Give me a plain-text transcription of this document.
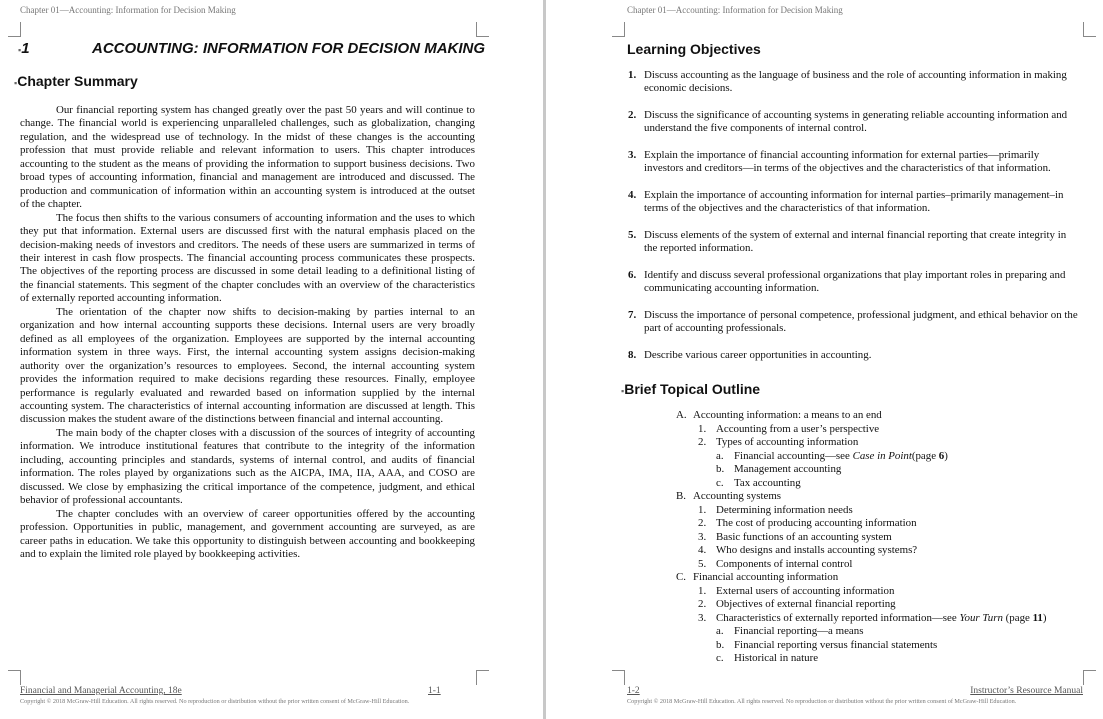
Chapter 01—Accounting: Information for Decision Making
▪1	ACCOUNTING: INFORMATION FOR DECISION MAKING
▪Chapter Summary

Our financial reporting system has changed greatly over the past 50 years and will continue to change. The financial world is experiencing unparalleled challenges, such as globalization, changing regulation, and the widespread use of technology. In the midst of these changes is the accounting profession that must provide reliable and relevant information to users. This chapter introduces accounting to the student as the means of providing the information to support business decisions. Two broad types of accounting information, financial and management are introduced and discussed. The production and communication of information within an accounting system is introduced at the outset of the chapter.

The focus then shifts to the various consumers of accounting information and the uses to which they put that information. External users are discussed first with the natural emphasis placed on the decision-making needs of investors and creditors. The needs of these users are summarized in terms of their interest in cash flow prospects. The financial accounting process communicates these prospects. The objectives of the reporting process are discussed in some detail leading to a definitional listing of the financial statements. This segment of the chapter concludes with an overview of the characteristics of externally reported accounting information.

The orientation of the chapter now shifts to decision-making by parties internal to an organization and how internal accounting supports these decisions. Internal users are very broadly defined as all employees of the organization. Employees are supported by the internal accounting information system in three ways. First, the internal accounting system assigns decision-making authority over the organization’s resources to employees. Second, the internal accounting system provides the information required to make decisions regarding these resources. Finally, employee performance is regularly evaluated and rewarded based on information supplied by the internal accounting system. The characteristics of internal accounting information are discussed at length. This discussion makes the student aware of the distinctions between financial and internal accounting.

The main body of the chapter closes with a discussion of the sources of integrity of accounting information. We introduce institutional features that contribute to the integrity of the information including, accounting principles and standards, systems of internal control, and audits of financial information. The roles played by organizations such as the AICPA, IMA, IIA, AAA, and COSO are discussed. We close by emphasizing the critical importance of the competence, judgment, and ethical behavior of professional accountants.

The chapter concludes with an overview of career opportunities offered by the accounting profession. Opportunities in public, management, and government accounting are surveyed, as are career paths in education. We take this opportunity to distinguish between accounting and bookkeeping and to explain the limited role played by bookkeeping activities.

Financial and Managerial Accounting, 18e	1-1
Copyright © 2018 McGraw-Hill Education. All rights reserved. No reproduction or distribution without the prior written consent of McGraw-Hill Education.
Chapter 01—Accounting: Information for Decision Making
Learning Objectives
1. Discuss accounting as the language of business and the role of accounting information in making economic decisions.
2. Discuss the significance of accounting systems in generating reliable accounting information and understand the five components of internal control.
3. Explain the importance of financial accounting information for external parties—primarily investors and creditors—in terms of the objectives and the characteristics of that information.
4. Explain the importance of accounting information for internal parties–primarily management–in terms of the objectives and the characteristics of that information.
5. Discuss elements of the system of external and internal financial reporting that create integrity in the reported information.
6. Identify and discuss several professional organizations that play important roles in preparing and communicating accounting information.
7. Discuss the importance of personal competence, professional judgment, and ethical behavior on the part of accounting professionals.
8. Describe various career opportunities in accounting.
▪Brief Topical Outline
A. Accounting information: a means to an end
1. Accounting from a user’s perspective
2. Types of accounting information
a. Financial accounting—see Case in Point(page 6)
b. Management accounting
c. Tax accounting
B. Accounting systems
1. Determining information needs
2. The cost of producing accounting information
3. Basic functions of an accounting system
4. Who designs and installs accounting systems?
5. Components of internal control
C. Financial accounting information
1. External users of accounting information
2. Objectives of external financial reporting
3. Characteristics of externally reported information—see Your Turn (page 11)
a. Financial reporting—a means
b. Financial reporting versus financial statements
c. Historical in nature
1-2	Instructor’s Resource Manual
Copyright © 2018 McGraw-Hill Education. All rights reserved. No reproduction or distribution without the prior written consent of McGraw-Hill Education.
